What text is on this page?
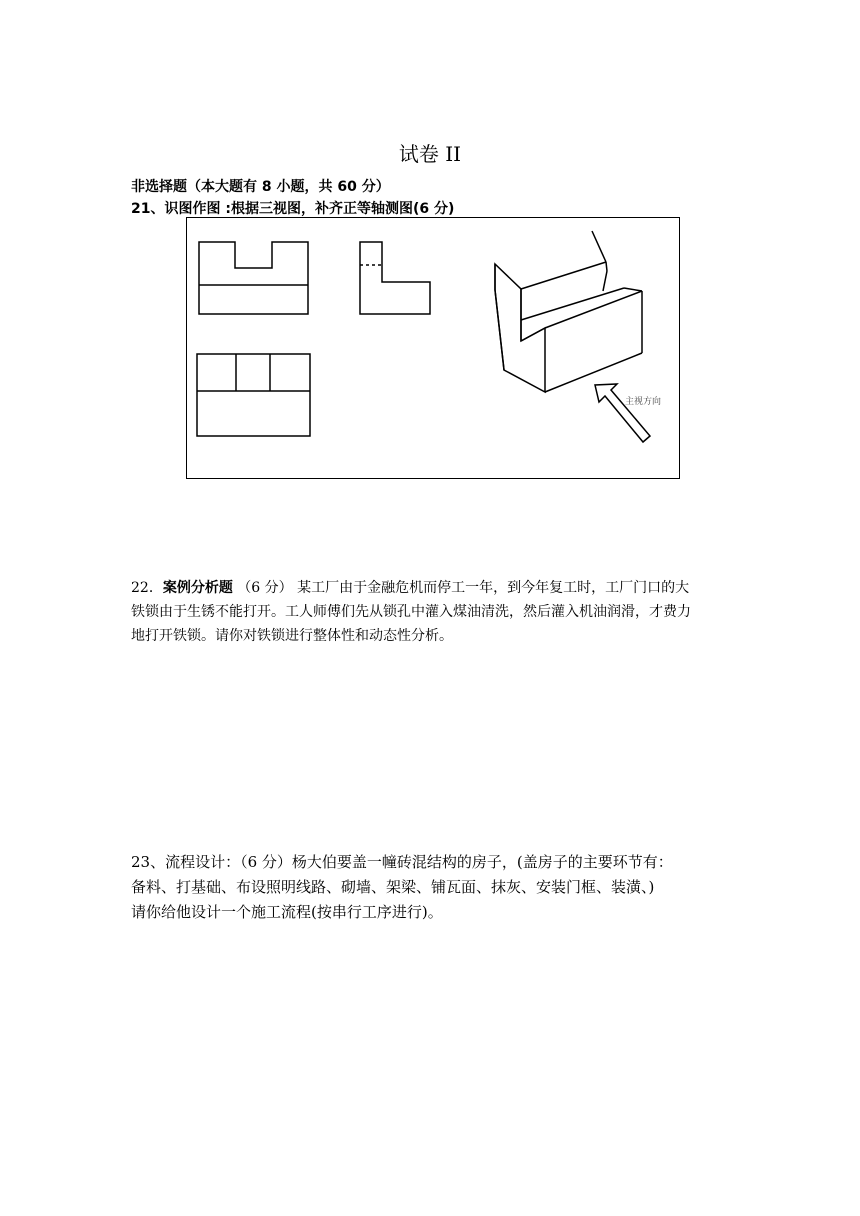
试卷 II
非选择题（本大题有 8 小题，共 60 分）
21、识图作图 :根据三视图，补齐正等轴测图(6 分)
主视方向

22．案例分析题 （6 分） 某工厂由于金融危机而停工一年，到今年复工时，工厂门口的大

铁锁由于生锈不能打开。工人师傅们先从锁孔中灌入煤油清洗，然后灌入机油润滑，才费力

地打开铁锁。请你对铁锁进行整体性和动态性分析。

23、流程设计：（6 分）杨大伯要盖一幢砖混结构的房子，(盖房子的主要环节有：

备料、打基础、布设照明线路、砌墙、架梁、铺瓦面、抹灰、安装门框、装潢、)

请你给他设计一个施工流程(按串行工序进行)。
